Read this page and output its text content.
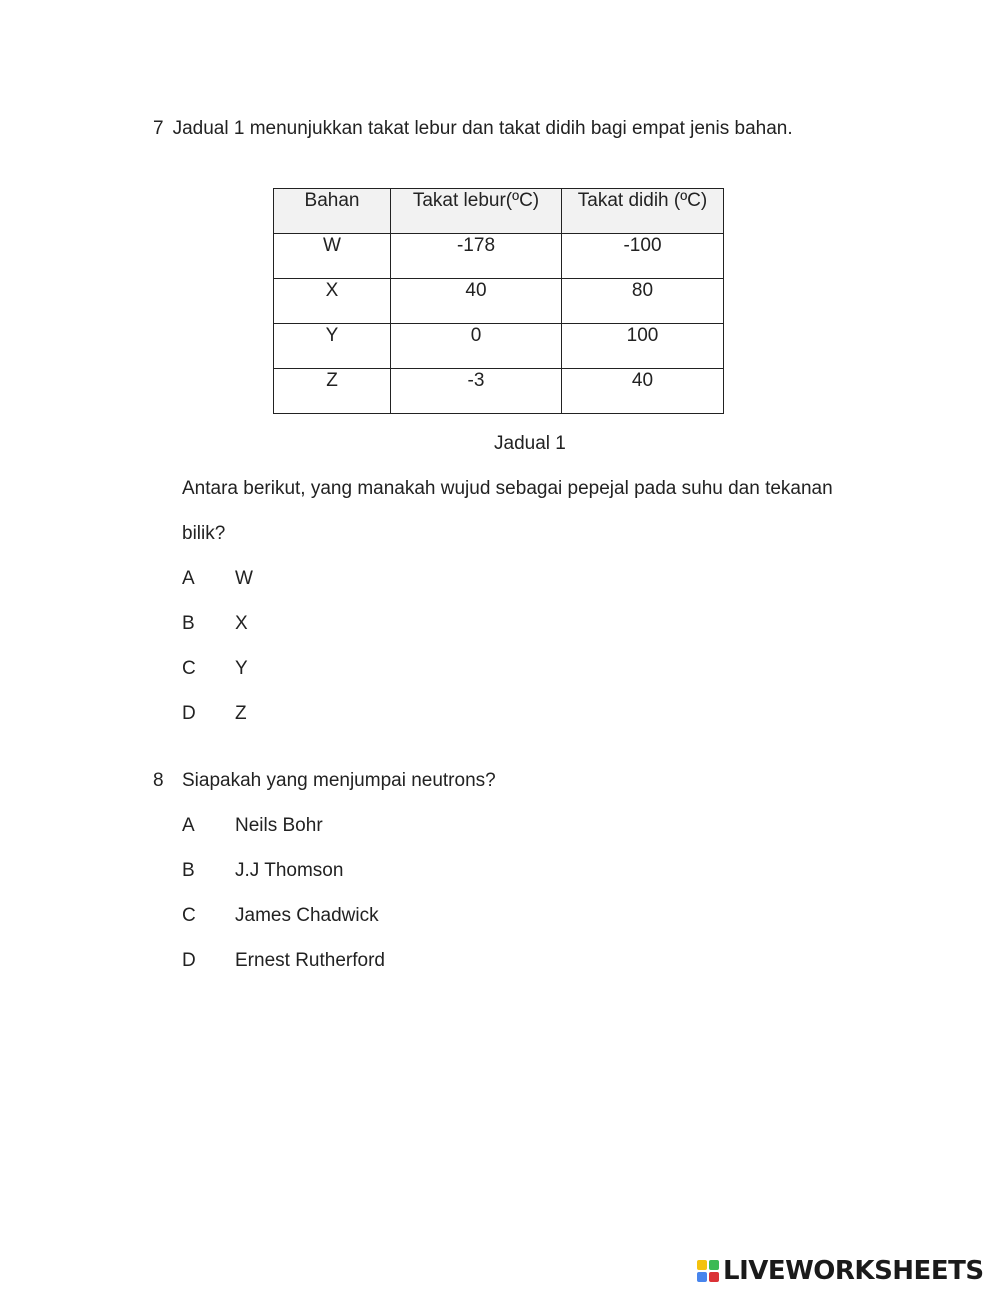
7 Jadual 1 menunjukkan takat lebur dan takat didih bagi empat jenis bahan.
Bahan	Takat lebur(ºC)	Takat didih (ºC)
W	-178	-100
X	40	80
Y	0	100
Z	-3	40
Jadual 1
Antara berikut, yang manakah wujud sebagai pepejal pada suhu dan tekanan
bilik?
A W
B X
C Y
D Z
8 Siapakah yang menjumpai neutrons?
A Neils Bohr
B J.J Thomson
C James Chadwick
D Ernest Rutherford
LIVEWORKSHEETS
